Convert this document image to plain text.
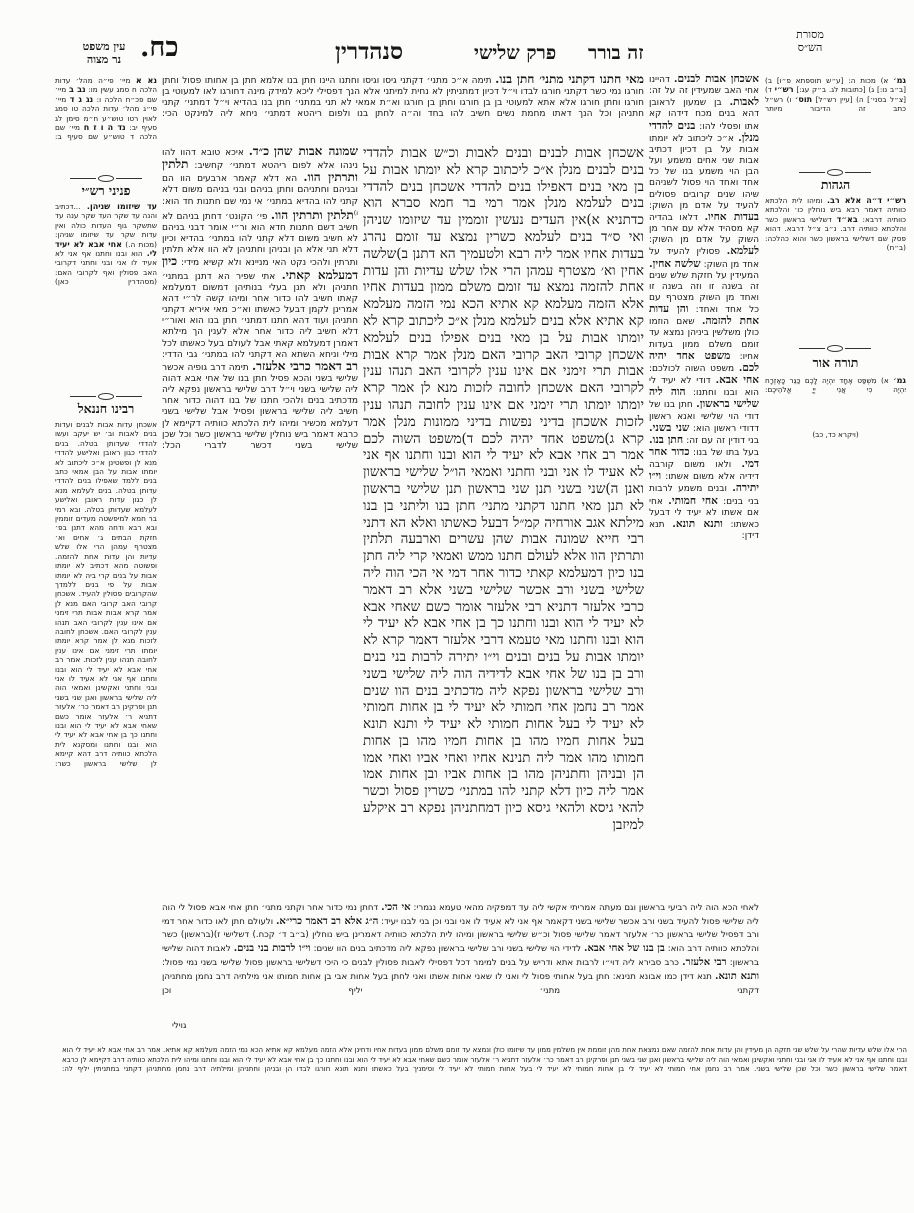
עין משפט
נר מצוה כח.	סנהדרין	פרק שלישי זה בורר
מסורת
הש״ס
נא א מיי׳ פי״ה מהל׳ עדות הלכה ח סמג עשין מו: נב ב מיי׳ שם פכ״ח הלכה ו: נג ג ד מיי׳ פי״ג מהל׳ עדות הלכה טו סמג לאוין רטו טוש״ע ח״מ סימן לג סעיף יב: נד ה ו ז ח מיי׳ שם הלכה ד טוש״ע שם סעיף ב:
פניני רש״י
עד שיזומו שניהן. ...דכתיב והנה עד שקר העד שקר ענה עד שתשקר גוף העדות כולה ואין עדות שקר עד שיזומו שניהן: (מכות ה.) אחי אבא לא יעיד לי. הוא ובנו וחתנו אף אני לא אעיד לו אני ובני וחתני דקרובי האב פסולין ואף לקרובי האם: (מסהדרין כאן)
רבינו חננאל
אשכחן עדות אבות לבנים ועדות בנים לאבות וב׳ יש יעקב ועשו להדדי שעדותן בטלה. בנים להדדי כגון ראובן ואלישע להדדי מנא לן ופשטינן א״כ ליכתוב לא יומתו אבות על הבן אמאי כתב בנים ללמד שאפילו בנים להדדי עדותן בטלה. בנים לעלמא מנא לן כגון עדות ראובן ואלישע לעלמא שעדותן בטלה. ובא רמי בר חמא למיפשטה מעדים זוממין ובא רבא ודחה מהא דתנן בפ׳ חזקת הבתים ג׳ אחים וא׳ מצטרף עמהן הרי אלו שלש עדיות והן עדות אחת להזמה. ופשוטה מהא דכתיב לא יומתו אבות על בנים קרי ביה לא יומתו אבות על פי בנים ללמדך שהקרובים פסולין להעיד. אשכחן קרובי האב קרובי האם מנא לן אמר קרא אבות אבות תרי זימני אם אינו ענין לקרובי האב תנהו ענין לקרובי האם. אשכחן לחובה לזכות מנא לן אמר קרא יומתו יומתו תרי זימני אם אינו ענין לחובה תנהו ענין לזכות. אמר רב אחי אבא לא יעיד לי הוא ובנו וחתנו אף אני לא אעיד לו אני ובני וחתני ואקשינן ואמאי הוה ליה שלישי בראשון ואנן שני בשני תנן ופרקינן רב דאמר כר׳ אלעזר דתניא ר׳ אלעזר אומר כשם שאחי אבא לא יעיד לי הוא ובנו וחתנו כך בן אחי אבא לא יעיד לי הוא ובנו וחתנו ומסקנא לית הלכתא כוותיה דרב דהא קיימא לן שלישי בראשון כשר:
מאי חתנו דקתני מתני׳ חתן בנו. תימה א״כ מתני׳ דקתני גיסו וגיסו וחתנו היינו חתן בנו אלמא חתן בן אחותו פסול וחתן חורגו נמי כשר דקתני חורגו לבדו וי״ל דכיון דמתניתין לא נחית למיתני אלא הנך דפסילי ליכא למידק מינה דחורגו לאו למעוטי בן חורגו וחתן חורגו אלא אתא למעוטי בן בן חורגו וחתן בן חורגו וא״ת אמאי לא תני במתני׳ חתן בנו בהדיא וי״ל דמתני׳ קתני חתניהן וכל הנך דאתו מחמת נשים חשיב להו בחד וה״ה לחתן בנו ולפום ריהטא דמתני׳ ניחא ליה למינקט הכי:
שמונה אבות שהן כ״ד. איכא טובא דהוו להו נינהו אלא לפום ריהטא דמתני׳ קחשיב: תלתין ותרתין הוו. הא דלא קאמר ארבעים הוו הם ובניהם וחתניהם וחתן בניהם ובני בניהם משום דלא קתני להו בהדיא במתני׳ אי נמי שם חתנות חד הוא: $^{ו)}$תלתין ותרתין הוו. פי׳ הקונט׳ דחתן בניהם לא חשיב דשם חתנות חדא הוא ור״י אומר דבני בניהם לא חשיב משום דלא קתני להו במתני׳ בהדיא וכיון דלא תני אלא הן ובניהן וחתניהן לא הוו אלא תלתין ותרתין ולהכי נקט האי מניינא ולא קשיא מידי: כיון דמעלמא קאתי. אתי שפיר הא דתנן במתני׳ חתניהן ולא תנן בעלי בנותיהן דמשום דמעלמא קאתו חשיב להו כדור אחר ומיהו קשה לר״י דהא אמרינן לקמן דבעל כאשתו וא״כ מאי איריא דקתני חתניהן ועוד דהא חתנו דמתני׳ חתן בנו הוא ואור״י דלא חשיב ליה כדור אחר אלא לענין הך מילתא דאמרן דמעלמא קאתי אבל לעולם בעל כאשתו לכל מילי וניחא השתא הא דקתני להו במתני׳ גבי הדדי: רב דאמר כרבי אלעזר. תימה דרב גופיה אכשר שלישי בשני והכא פסיל חתן בנו של אחי אבא דהוה ליה שלישי בשני וי״ל דרב שלישי בראשון נפקא ליה מדכתיב בנים ולהכי חתנו של בנו דהוה כדור אחר חשיב ליה שלישי בראשון ופסיל אבל שלישי בשני דעלמא מכשיר ומיהו לית הלכתא כוותיה דקיימא לן כרבא דאמר ביש נוחלין שלישי בראשון כשר וכל שכן שלישי בשני דכשר לדברי הכל:
אשכחן אבות לבנים ובנים לאבות וכ״ש אבות להדדי בנים לבנים מנלן א״כ ליכתוב קרא לא יומתו אבות על בן מאי בנים דאפילו בנים להדדי אשכחן בנים להדדי בנים לעלמא מנלן אמר רמי בר חמא סברא הוא כדתניא א)אין העדים נעשין זוממין עד שיזומו שניהן ואי ס״ד בנים לעלמא כשרין נמצא עד זומם נהרג בעדות אחיו אמר ליה רבא ולטעמיך הא דתנן ב)שלשה אחין וא׳ מצטרף עמהן הרי אלו שלש עדיות והן עדות אחת להזמה נמצא עד זומם משלם ממון בעדות אחיו אלא הזמה מעלמא קא אתיא הכא נמי הזמה מעלמא קא אתיא אלא בנים לעלמא מנלן א״כ ליכתוב קרא לא יומתו אבות על בן מאי בנים אפילו בנים לעלמא אשכחן קרובי האב קרובי האם מנלן אמר קרא אבות אבות תרי זימני אם אינו ענין לקרובי האב תנהו ענין לקרובי האם אשכחן לחובה לזכות מנא לן אמר קרא יומתו יומתו תרי זימני אם אינו ענין לחובה תנהו ענין לזכות אשכחן בדיני נפשות בדיני ממונות מנלן אמר קרא ג)משפט אחד יהיה לכם ד)משפט השוה לכם אמר רב אחי אבא לא יעיד לי הוא ובנו וחתנו אף אני לא אעיד לו אני ובני וחתני ואמאי הו״ל שלישי בראשון ואנן ה)שני בשני תנן שני בראשון תנן שלישי בראשון לא תנן מאי חתנו דקתני מתני׳ חתן בנו וליתני בן בנו מילתא אגב אורחיה קמ״ל דבעל כאשתו ואלא הא דתני רבי חייא שמונה אבות שהן עשרים וארבעה תלתין ותרתין הוו אלא לעולם חתנו ממש ואמאי קרי ליה חתן בנו כיון דמעלמא קאתי כדור אחר דמי אי הכי הוה ליה שלישי בשני ורב אכשר שלישי בשני אלא רב דאמר כרבי אלעזר דתניא רבי אלעזר אומר כשם שאחי אבא לא יעיד לי הוא ובנו וחתנו כך בן אחי אבא לא יעיד לי הוא ובנו וחתנו מאי טעמא דרבי אלעזר דאמר קרא לא יומתו אבות על בנים ובנים וי״ו יתירה לרבות בני בנים ורב בן בנו של אחי אבא לדידיה הוה ליה שלישי בשני ורב שלישי בראשון נפקא ליה מדכתיב בנים הוו שנים אמר רב נחמן אחי חמותי לא יעיד לי בן אחות חמותי לא יעיד לי בעל אחות חמותי לא יעיד לי ותנא תונא בעל אחות חמיו מהו בן אחות חמיו מהו בן אחות חמותו מהו אמר ליה תנינא אחיו ואחי אביו ואחי אמו הן ובניהן וחתניהן מהו בן אחות אביו ובן אחות אמו אמר ליה כיון דלא קתני להו במתני׳ כשרין פסול וכשר להאי גיסא ולהאי גיסא כיון דמחתניהן נפקא רב איקלע למיזבן
אשכחן אבות לבנים. דהיינו אחי האב שמעידין זה על זה: לאבות. בן שמעון לראובן דהא בנים מכח דידהו קא אתו ופסלי להו: בנים להדדי מנלן. א״כ ליכתוב לא יומתו אבות על בן דכיון דכתיב אבות שני אחים משמע ועל הבן הוי משמע בנו של כל אחד ואחד הוי פסול לשניהם שיהו שנים קרובים פסולים להעיד על אדם מן השוק: בעדות אחיו. דלאו בהדיה קא מסהיד אלא עם אחר מן השוק על אדם מן השוק: לעלמא. פסולין להעיד על אחד מן השוק: שלשה אחין. המעידין על חזקת שלש שנים זה בשנה זו וזה בשנה זו ואחד מן השוק מצטרף עם כל אחד ואחד: והן עדות אחת להזמה. שאם הוזמו כולן משלשין ביניהן נמצא עד זומם משלם ממון בעדות אחיו: משפט אחד יהיה לכם. משפט השוה לכולכם: אחי אבא. דודי לא יעיד לי הוא ובנו וחתנו: הוה ליה שלישי בראשון. חתן בנו של דודי הוי שלישי ואנא ראשון דדודי ראשון הוא: שני בשני. בני דודין זה עם זה: חתן בנו. בעל בתו של בנו: כדור אחר דמי. ולאו משום קורבה דידיה אלא משום אשתו: וי״ו יתירה. ובנים משמע לרבות בני בנים: אחי חמותי. אחי אם אשתו לא יעיד לי דבעל כאשתו: ותנא תונא. תנא דידן:
גמ׳ א) מכות ה: [ע״ש תוספתא פ״ו] ב) [ב״ב נו:] ג) [כתובות לג. ב״ק עג:] רש״י ד) [צ״ל בסני׳] ה) [עיין רש״ל] תוס׳ ו) רש״ל כתב זה הדיבור מיותר
הגהות
רש״י ד״ה אלא רב. ומיהו לית הלכתא כוותיה דאמר רבא ביש נוחלין כו׳ והלכתא כוותיה דרבא: בא״ד דשלישי בראשון כשר והלכתא כוותיה דרב. נ״ב צ״ל דרבא. דהוא פסק שם דשלישי בראשון כשר והוא כהלכה: (ב״ח)
תורה אור
גמ׳ א) מִשְׁפַּט אֶחָד יִהְיֶה לָכֶם כַּגֵּר כָּאֶזְרָח יִהְיֶה כִּי אֲנִי יְיָ אֱלֹהֵיכֶם:
(ויקרא כד, כב)
לאחי הכא הוה ליה רביעי בראשון וגם מעתה אמריתי אקשי ליה עד דמפקיה מהאי טעמא נגמרי: אי הכי. דחתן נמי כדור אחר וקתני מתני׳ חתן אחי אבא פסול לי הוה ליה שלישי פסול להעיד בשני ורב אכשר שלישי בשני דקאמר אף אני לא אעיד לו אני ובני וכן בני לבנו יעיד: ה״ג אלא רב דאמר כרי״א. ולעולם חתן לאו כדור אחר דמי ורב דפסיל שלישי בראשון כר׳ אלעזר דאמר שלישי פסול וכ״ש שלישי בראשון ומיהו לית הלכתא כוותיה דאמרינן ביש נוחלין (ב״ב ד׳ קכח.) דשלישי ז)(בראשון) כשר והלכתא כוותיה דרב הוא: בן בנו של אחי אבא. לדידי הוי שלישי בשני ורב שלישי בראשון נפקא ליה מדכתיב בנים הוו שנים: וי״ו לרבות בני בנים. לאבות דהוה שלישי בראשון: רבי אלעזר. כרב סבירא ליה דוי״ו לרבות אתא ודריש על בנים למימר דכל דפסילי לאבות פסולין לבנים כי היכי דשלישי בראשון פסול שלישי בשני נמי פסול: ותנא תונא. תנא דידן כמו אבונא תנינא: חתן בעל אחותי פסול לי ואני לו שאני אחות אשתו ואני לחתן בעל אחות אבי בן אחות חמותו אני מילתיה דרב נחמן מחתניהן דקתני מתני׳ יליף וכן
גוילי
הרי אלו שלש עדיות שהרי על שלש שני חזקה הן מעידין והן עדות אחת להזמה שאם נמצאת אחת מהן זוממת אין משלמין ממון עד שיזומו כולן ונמצא עד זומם משלם ממון בעדות אחיו ודחינן אלא הזמה מעלמא קא אתיא הכא נמי הזמה מעלמא קא אתיא. אמר רב אחי אבא לא יעיד לי הוא ובנו וחתנו אף אני לא אעיד לו אני ובני וחתני ואקשינן ואמאי הוה ליה שלישי בראשון ואנן שני בשני תנן ופרקינן רב דאמר כר׳ אלעזר דתניא ר׳ אלעזר אומר כשם שאחי אבא לא יעיד לי הוא ובנו וחתנו כך בן אחי אבא לא יעיד לי הוא ובנו וחתנו ומיהו לית הלכתא כוותיה דרב דקיימא לן כרבא דאמר שלישי בראשון כשר וכל שכן שלישי בשני. אמר רב נחמן אחי חמותי לא יעיד לי בן אחות חמותי לא יעיד לי בעל אחות חמותי לא יעיד לי וסימניך בעל כאשתו ותנא תונא חורגו לבדו הן ובניהן וחתניהן ומילתיה דרב נחמן מחתניהן דקתני במתניתין יליף לה:
